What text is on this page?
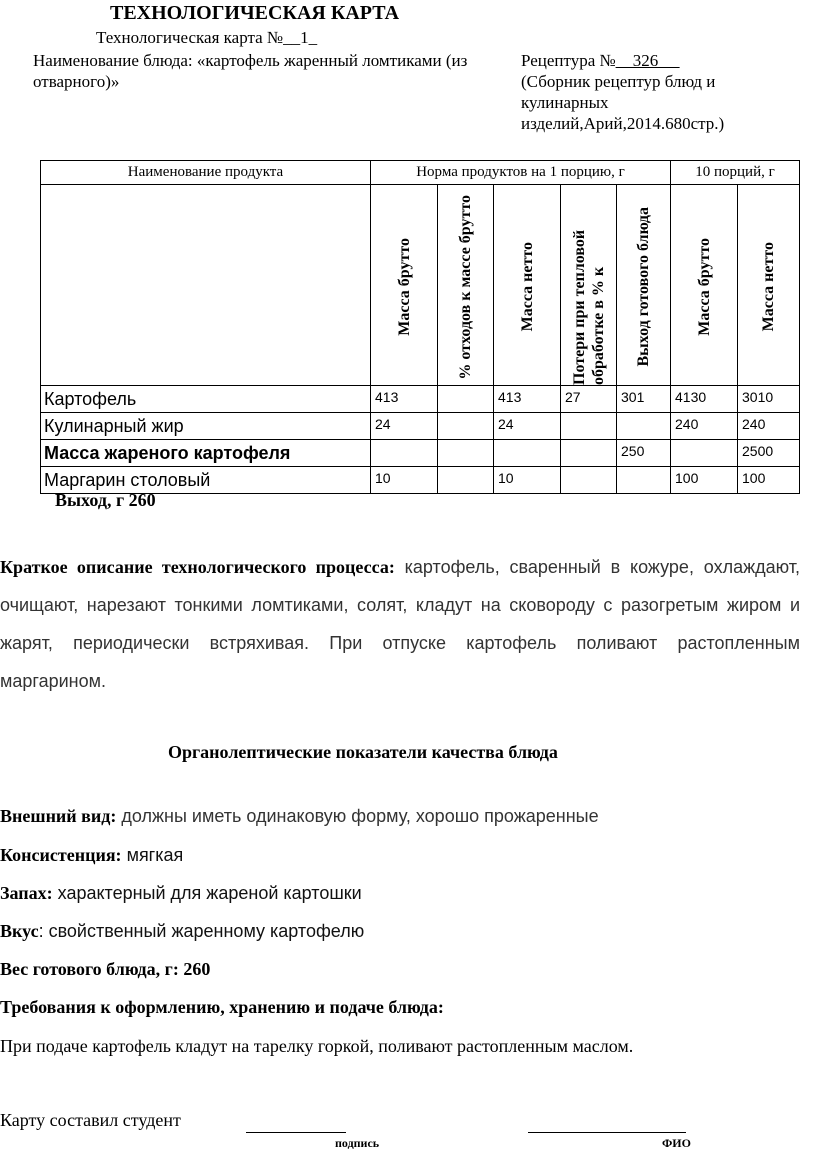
ТЕХНОЛОГИЧЕСКАЯ КАРТА
Технологическая карта №__1_
Наименование блюда: «картофель жаренный ломтиками (из отварного)»
Рецептура №__326 __
(Сборник рецептур блюд и кулинарных изделий,Арий,2014.680стр.)
Наименование продукта	Норма продуктов на 1 порцию, г					10 порций, г	

	Масса брутто	% отходов к массе брутто	Масса нетто	Потери при тепловой обработке в % к	Выход готового блюда	Масса брутто	Масса нетто

Картофель	413		413	27	301	4130	3010
Кулинарный жир	24		24			240	240
Масса жареного картофеля					250		2500
Маргарин столовый	10		10			100	100
Выход, г 260
Краткое описание технологического процесса: картофель, сваренный в кожуре, охлаждают, очищают, нарезают тонкими ломтиками, солят, кладут на сковороду с разогретым жиром и жарят, периодически встряхивая. При отпуске картофель поливают растопленным маргарином.
Органолептические показатели качества блюда
Внешний вид: должны иметь одинаковую форму, хорошо прожаренные
Консистенция: мягкая
Запах: характерный для жареной картошки
Вкус: свойственный жаренному картофелю
Вес готового блюда, г: 260
Требования к оформлению, хранению и подаче блюда:
При подаче картофель кладут на тарелку горкой, поливают растопленным маслом.
Карту составил студент
подпись	ФИО
